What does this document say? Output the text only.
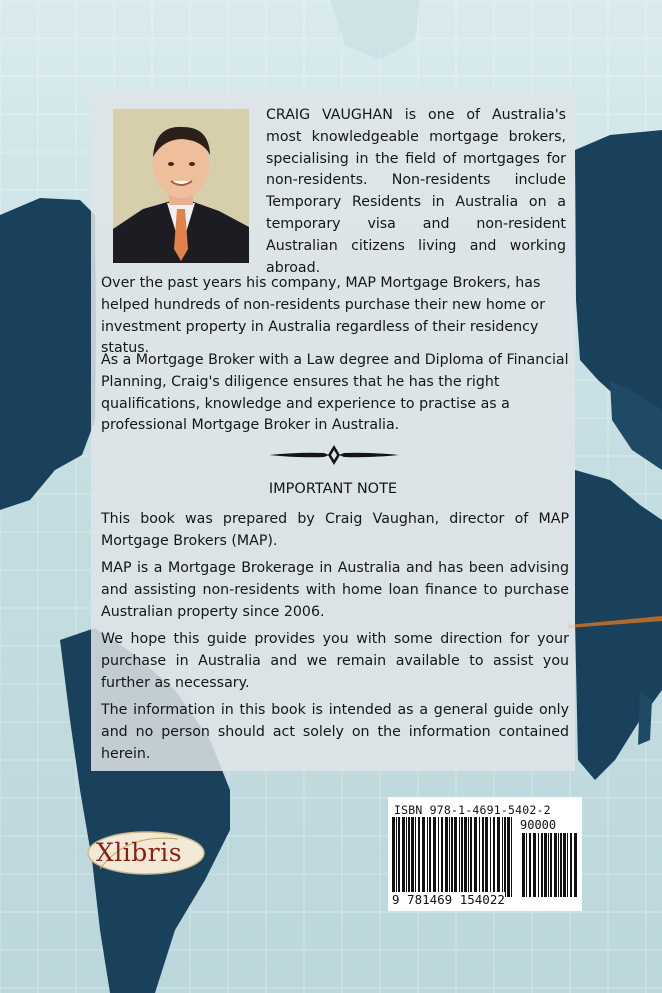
CRAIG VAUGHAN is one of Australia's most knowledgeable mortgage brokers, specialising in the field of mortgages for non-residents. Non-residents include Temporary Residents in Australia on a temporary visa and non-resident Australian citizens living and working abroad.

Over the past years his company, MAP Mortgage Brokers, has helped hundreds of non-residents purchase their new home or investment property in Australia regardless of their residency status.

As a Mortgage Broker with a Law degree and Diploma of Financial Planning, Craig's diligence ensures that he has the right qualifications, knowledge and experience to practise as a professional Mortgage Broker in Australia.

IMPORTANT NOTE

This book was prepared by Craig Vaughan, director of MAP Mortgage Brokers (MAP).

MAP is a Mortgage Brokerage in Australia and has been advising and assisting non-residents with home loan finance to purchase Australian property since 2006.

We hope this guide provides you with some direction for your purchase in Australia and we remain available to assist you further as necessary.

The information in this book is intended as a general guide only and no person should act solely on the information contained herein.

Xlibris

ISBN 978-1-4691-5402-2

90000

9 781469 154022
